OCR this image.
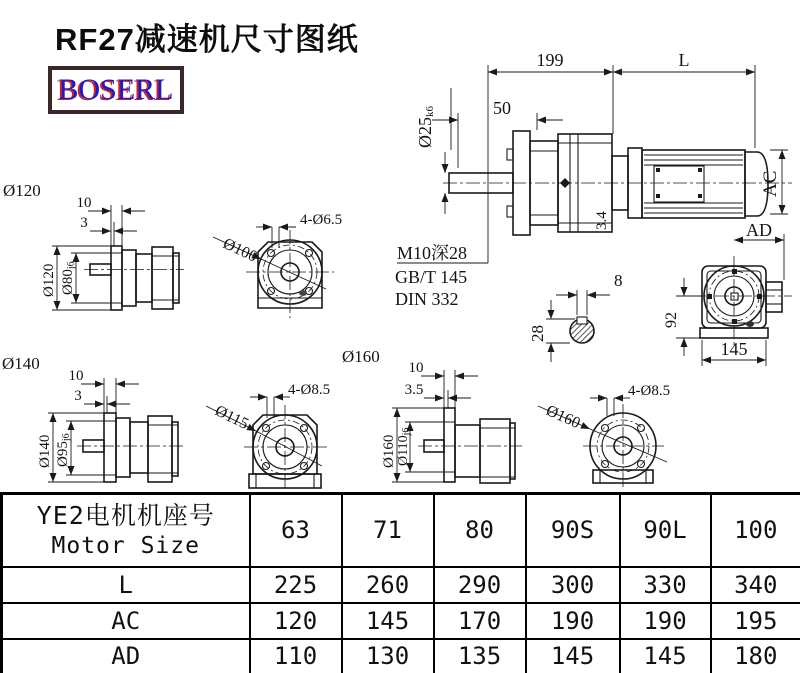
RF27减速机尺寸图纸
BOSERL
199	L
50
Ø25k6
3.4
AC
M10深28
GB/T 145
DIN 332
AD
92
145
8
28
Ø120
10
3
Ø120 Ø80j6
4-Ø6.5
Ø100
Ø140
10
3
Ø140 Ø95j6
Ø160
4-Ø8.5
Ø115
10
3.5
Ø160 Ø110j6
4-Ø8.5
Ø160
YE2电机机座号
Motor Size	63	71	80	90S	90L	100
L	225	260	290	300	330	340
AC	120	145	170	190	190	195
AD	110	130	135	145	145	180
